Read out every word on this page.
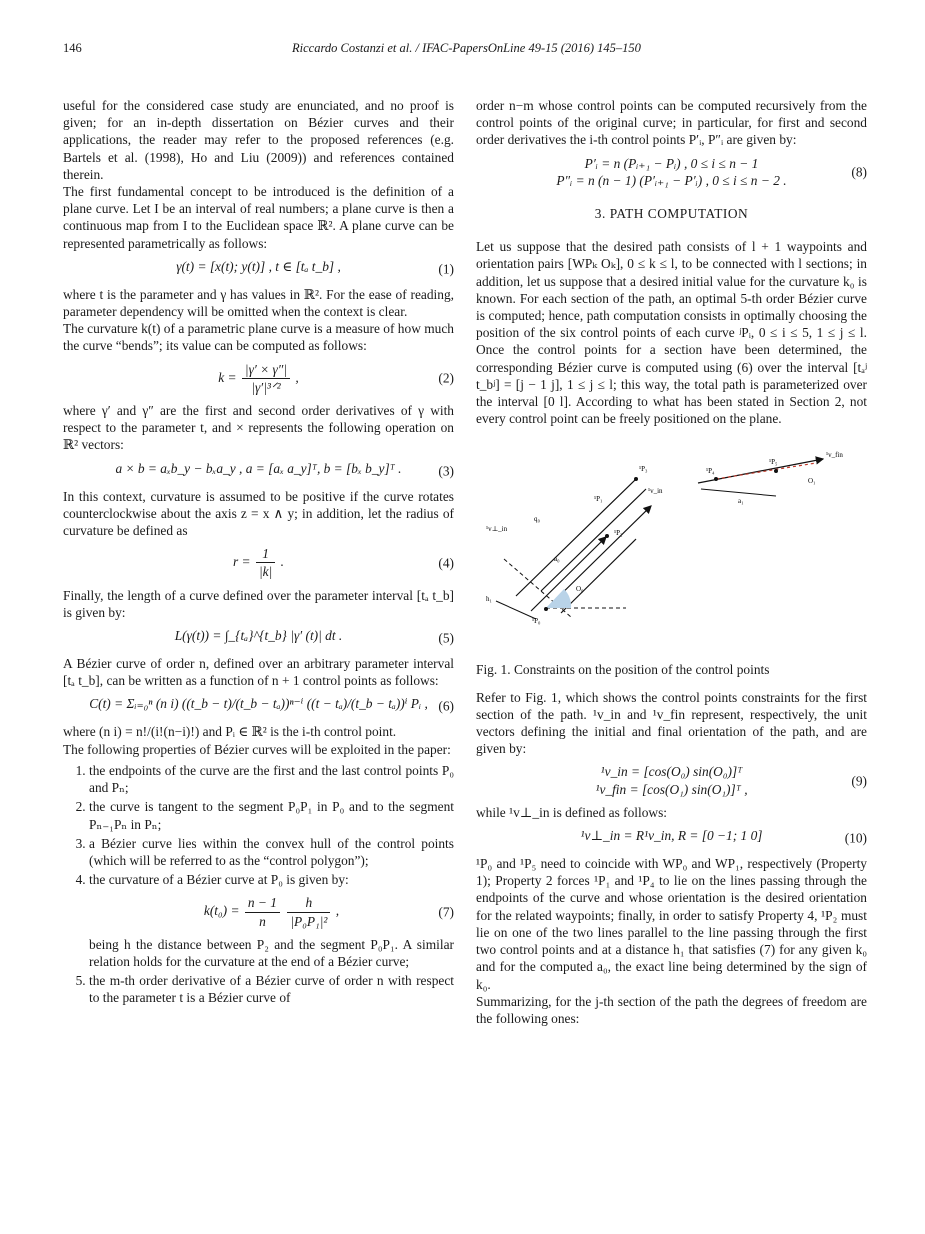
146	Riccardo Costanzi et al. / IFAC-PapersOnLine 49-15 (2016) 145–150

useful for the considered case study are enunciated, and no proof is given; for an in-depth dissertation on Bézier curves and their applications, the reader may refer to the proposed references (e.g. Bartels et al. (1998), Ho and Liu (2009)) and references contained therein.

The first fundamental concept to be introduced is the definition of a plane curve. Let I be an interval of real numbers; a plane curve is then a continuous map from I to the Euclidean space ℝ². A plane curve can be represented parametrically as follows:

γ(t) = [x(t); y(t)] , t ∈ [tₐ t_b] ,	(1)

where t is the parameter and γ has values in ℝ². For the ease of reading, parameter dependency will be omitted when the context is clear.

The curvature k(t) of a parametric plane curve is a measure of how much the curve “bends”; its value can be computed as follows:

$k = \frac{|\gamma' \times \gamma''|}{\text{|γ′|³ᐟ²}}$ ,	(2)

where γ′ and γ″ are the first and second order derivatives of γ with respect to the parameter t, and × represents the following operation on ℝ² vectors:

a × b = aₓb_y − bₓa_y , a = [aₓ a_y]ᵀ, b = [bₓ b_y]ᵀ .	(3)

In this context, curvature is assumed to be positive if the curve rotates counterclockwise about the axis z = x ∧ y; in addition, let the radius of curvature be defined as

$r = \frac{1}{|k|}$ .	(4)

Finally, the length of a curve defined over the parameter interval [tₐ t_b] is given by:

L(γ(t)) = ∫_{tₐ}^{t_b} |γ′ (t)| dt .	(5)

A Bézier curve of order n, defined over an arbitrary parameter interval [tₐ t_b], can be written as a function of n + 1 control points as follows:

C(t) = Σᵢ₌₀ⁿ (n i) ((t_b − t)/(t_b − tₐ))ⁿ⁻ⁱ ((t − tₐ)/(t_b − tₐ))ⁱ Pᵢ , (6)

where (n i) = n!/(i!(n−i)!) and Pᵢ ∈ ℝ² is the i-th control point.

The following properties of Bézier curves will be exploited in the paper:

1. the endpoints of the curve are the first and the last control points P₀ and Pₙ;
2. the curve is tangent to the segment P₀P₁ in P₀ and to the segment Pₙ₋₁Pₙ in Pₙ;
3. a Bézier curve lies within the convex hull of the control points (which will be referred to as the “control polygon”);
4. the curvature of a Bézier curve at P₀ is given by:
$k(t_0) = \frac{n - 1}{n}$
$\frac{h}{\text{|P₀P₁|²}}$ ,	(7)
being h the distance between P₂ and the segment P₀P₁. A similar relation holds for the curvature at the end of a Bézier curve;
5. the m-th order derivative of a Bézier curve of order n with respect to the parameter t is a Bézier curve of

order n−m whose control points can be computed recursively from the control points of the original curve; in particular, for first and second order derivatives the i-th control points P′ᵢ, P″ᵢ are given by:

P′ᵢ = n (Pᵢ₊₁ − Pᵢ) , 0 ≤ i ≤ n − 1
P″ᵢ = n (n − 1) (P′ᵢ₊₁ − P′ᵢ) , 0 ≤ i ≤ n − 2 .
(8)
3. PATH COMPUTATION

Let us suppose that the desired path consists of l + 1 waypoints and orientation pairs [WPₖ Oₖ], 0 ≤ k ≤ l, to be connected with l sections; in addition, let us suppose that a desired initial value for the curvature k₀ is known. For each section of the path, an optimal 5-th order Bézier curve is computed; hence, path computation consists in optimally choosing the position of the six control points of each curve ʲPᵢ, 0 ≤ i ≤ 5, 1 ≤ j ≤ l. Once the control points for a section have been determined, the corresponding Bézier curve is computed using (6) over the interval [tₐʲ t_bʲ] = [j − 1 j], 1 ≤ j ≤ l; this way, the total path is parameterized over the interval [0 l]. According to what has been stated in Section 2, not every control point can be freely positioned on the plane.

¹P₃
¹P₂
¹P₁
¹P₀
¹v_in
¹v⊥_in
q₀
a₀
h₁
O₀
¹P₄
¹P₅
¹v_fin
a₁
O₁

Fig. 1. Constraints on the position of the control points

Refer to Fig. 1, which shows the control points constraints for the first section of the path. ¹v_in and ¹v_fin represent, respectively, the unit vectors defining the initial and final orientation of the path, and are given by:

¹v_in = [cos(O₀) sin(O₀)]ᵀ
¹v_fin = [cos(O₁) sin(O₁)]ᵀ ,
(9)

while ¹v⊥_in is defined as follows:

¹v⊥_in = R¹v_in, R = [0 −1; 1 0]	(10)

¹P₀ and ¹P₅ need to coincide with WP₀ and WP₁, respectively (Property 1); Property 2 forces ¹P₁ and ¹P₄ to lie on the lines passing through the endpoints of the curve and whose orientation is the desired orientation for the related waypoints; finally, in order to satisfy Property 4, ¹P₂ must lie on one of the two lines parallel to the line passing through the first two control points and at a distance h₁ that satisfies (7) for any given k₀ and for the computed a₀, the exact line being determined by the sign of k₀.

Summarizing, for the j-th section of the path the degrees of freedom are the following ones:
